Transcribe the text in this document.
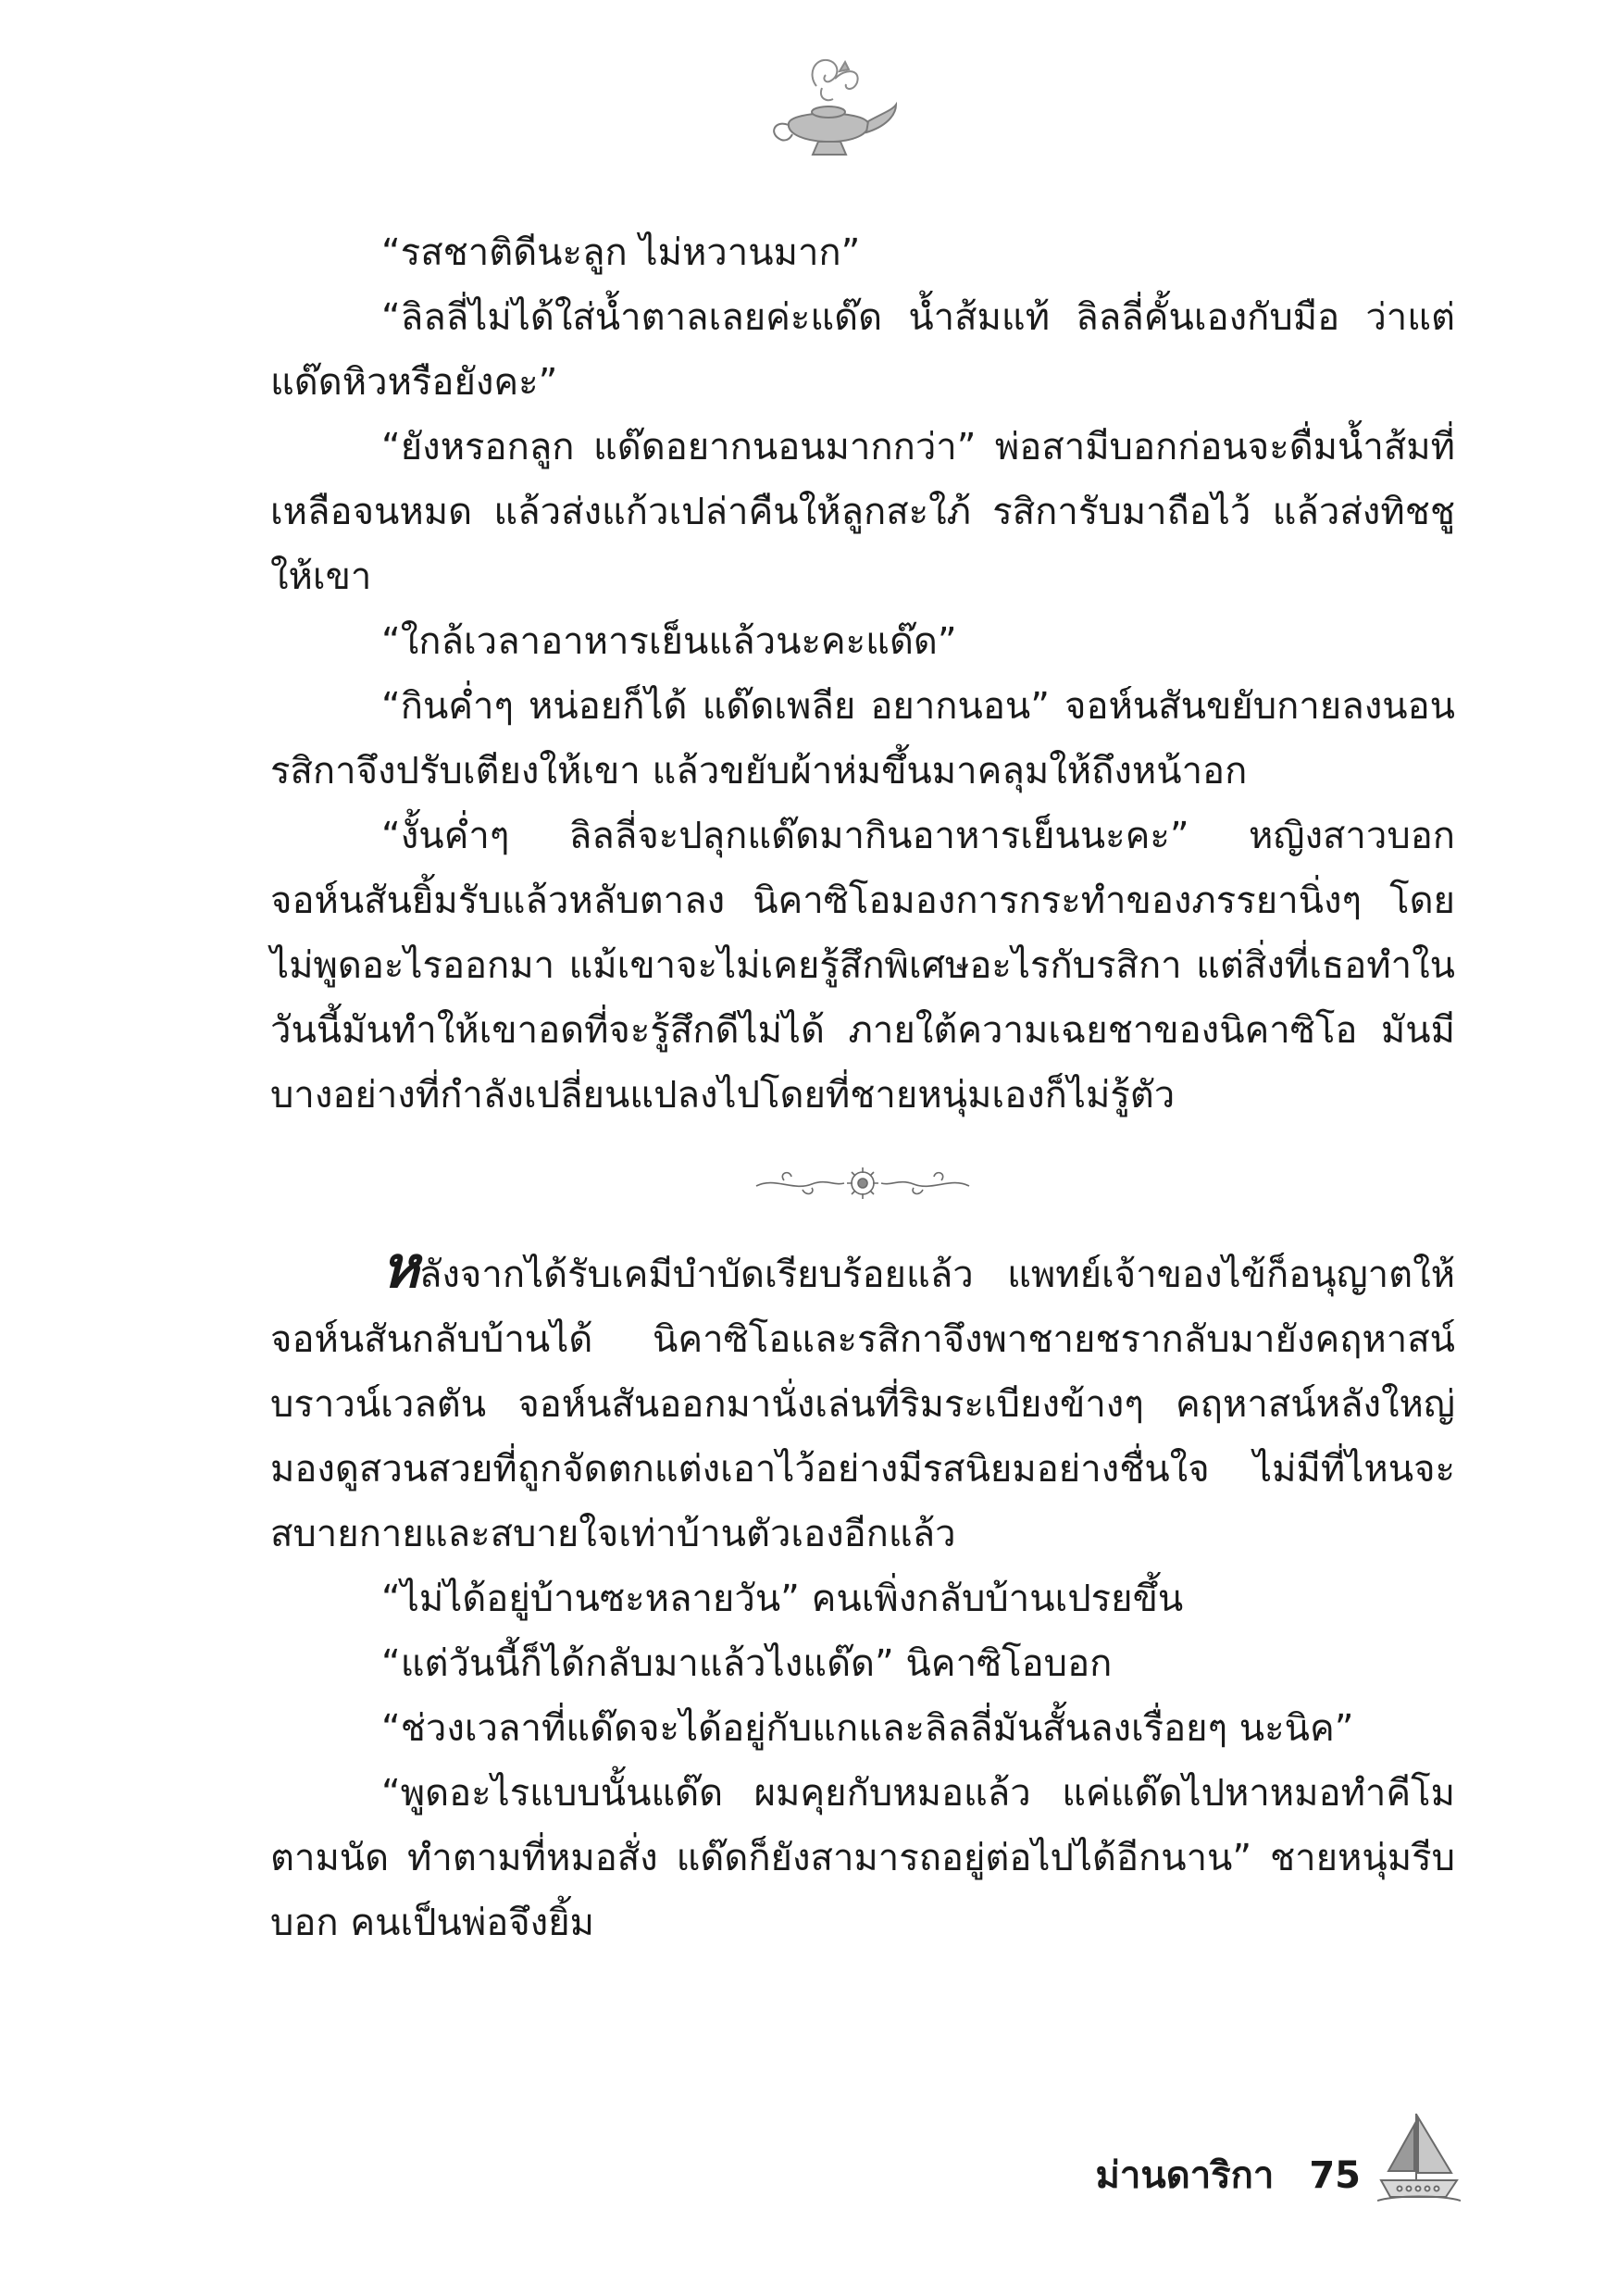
“รสชาติดีนะลูก ไม่หวานมาก”

“ลิลลี่ไม่ได้ใส่น้ำตาลเลยค่ะแด๊ด น้ำส้มแท้ ลิลลี่คั้นเองกับมือ ว่าแต่แด๊ดหิวหรือยังคะ”

“ยังหรอกลูก แด๊ดอยากนอนมากกว่า” พ่อสามีบอกก่อนจะดื่มน้ำส้มที่เหลือจนหมด แล้วส่งแก้วเปล่าคืนให้ลูกสะใภ้ รสิการับมาถือไว้ แล้วส่งทิชชูให้เขา

“ใกล้เวลาอาหารเย็นแล้วนะคะแด๊ด”

“กินค่ำๆ หน่อยก็ได้ แด๊ดเพลีย อยากนอน” จอห์นสันขยับกายลงนอน รสิกาจึงปรับเตียงให้เขา แล้วขยับผ้าห่มขึ้นมาคลุมให้ถึงหน้าอก

“งั้นค่ำๆ ลิลลี่จะปลุกแด๊ดมากินอาหารเย็นนะคะ” หญิงสาวบอก จอห์นสันยิ้มรับแล้วหลับตาลง นิคาซิโอมองการกระทำของภรรยานิ่งๆ โดยไม่พูดอะไรออกมา แม้เขาจะไม่เคยรู้สึกพิเศษอะไรกับรสิกา แต่สิ่งที่เธอทำในวันนี้มันทำให้เขาอดที่จะรู้สึกดีไม่ได้ ภายใต้ความเฉยชาของนิคาซิโอ มันมีบางอย่างที่กำลังเปลี่ยนแปลงไปโดยที่ชายหนุ่มเองก็ไม่รู้ตัว

หลังจากได้รับเคมีบำบัดเรียบร้อยแล้ว แพทย์เจ้าของไข้ก็อนุญาตให้จอห์นสันกลับบ้านได้ นิคาซิโอและรสิกาจึงพาชายชรากลับมายังคฤหาสน์บราวน์เวลตัน จอห์นสันออกมานั่งเล่นที่ริมระเบียงข้างๆ คฤหาสน์หลังใหญ่มองดูสวนสวยที่ถูกจัดตกแต่งเอาไว้อย่างมีรสนิยมอย่างชื่นใจ ไม่มีที่ไหนจะสบายกายและสบายใจเท่าบ้านตัวเองอีกแล้ว

“ไม่ได้อยู่บ้านซะหลายวัน” คนเพิ่งกลับบ้านเปรยขึ้น

“แต่วันนี้ก็ได้กลับมาแล้วไงแด๊ด” นิคาซิโอบอก

“ช่วงเวลาที่แด๊ดจะได้อยู่กับแกและลิลลี่มันสั้นลงเรื่อยๆ นะนิค”

“พูดอะไรแบบนั้นแด๊ด ผมคุยกับหมอแล้ว แค่แด๊ดไปหาหมอทำคีโมตามนัด ทำตามที่หมอสั่ง แด๊ดก็ยังสามารถอยู่ต่อไปได้อีกนาน” ชายหนุ่มรีบบอก คนเป็นพ่อจึงยิ้ม

ม่านดาริกา 75
